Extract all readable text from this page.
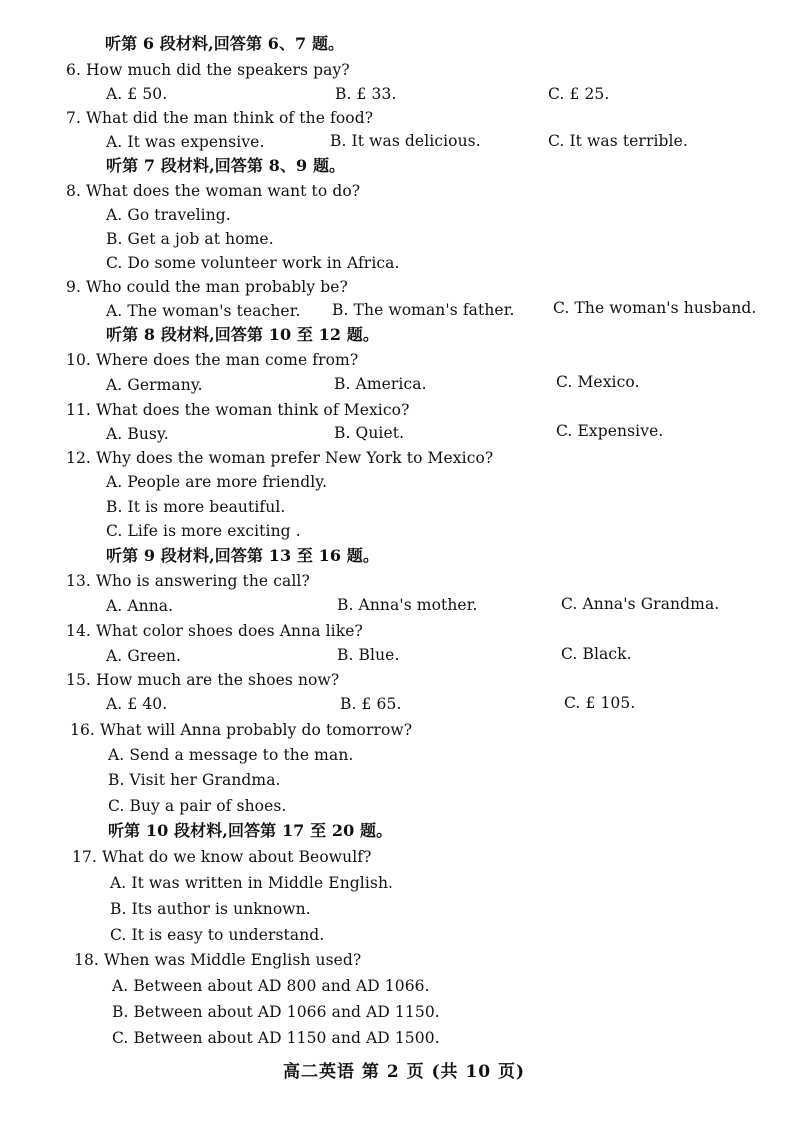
听第 6 段材料,回答第 6、7 题。
6. How much did the speakers pay?
A. £ 50.	B. £ 33.	C. £ 25.
7. What did the man think of the food?
A. It was expensive.	B. It was delicious.	C. It was terrible.
听第 7 段材料,回答第 8、9 题。
8. What does the woman want to do?
A. Go traveling.
B. Get a job at home.
C. Do some volunteer work in Africa.
9. Who could the man probably be?
A. The woman's teacher. B. The woman's father. C. The woman's husband.
听第 8 段材料,回答第 10 至 12 题。
10. Where does the man come from?
A. Germany.	B. America.	C. Mexico.
11. What does the woman think of Mexico?
A. Busy.	B. Quiet.	C. Expensive.
12. Why does the woman prefer New York to Mexico?
A. People are more friendly.
B. It is more beautiful.
C. Life is more exciting .
听第 9 段材料,回答第 13 至 16 题。
13. Who is answering the call?
A. Anna.	B. Anna's mother.	C. Anna's Grandma.
14. What color shoes does Anna like?
A. Green.	B. Blue.	C. Black.
15. How much are the shoes now?
A. £ 40.	B. £ 65.	C. £ 105.
16. What will Anna probably do tomorrow?
A. Send a message to the man.
B. Visit her Grandma.
C. Buy a pair of shoes.
听第 10 段材料,回答第 17 至 20 题。
17. What do we know about Beowulf?
A. It was written in Middle English.
B. Its author is unknown.
C. It is easy to understand.
18. When was Middle English used?
A. Between about AD 800 and AD 1066.
B. Between about AD 1066 and AD 1150.
C. Between about AD 1150 and AD 1500.
高二英语 第 2 页 (共 10 页)
